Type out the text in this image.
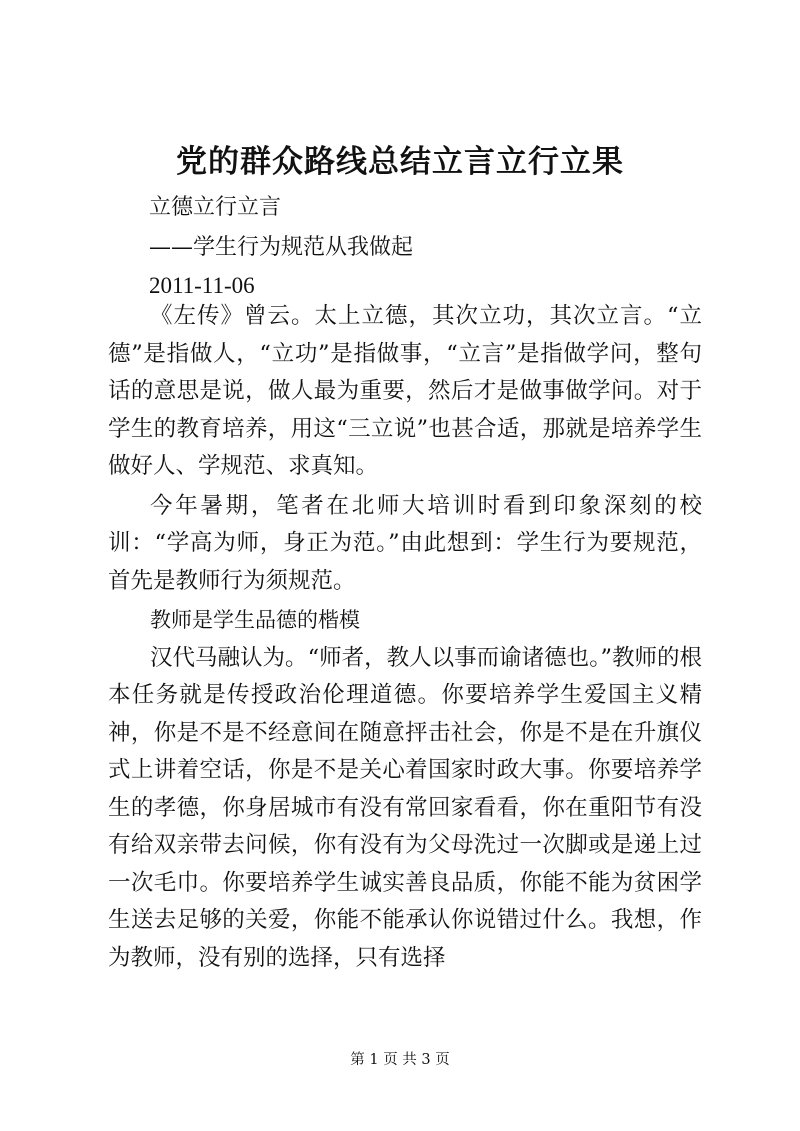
党的群众路线总结立言立行立果

立德立行立言

——学生行为规范从我做起

2011-11-06

《左传》曾云。太上立德，其次立功，其次立言。“立德”是指做人，“立功”是指做事，“立言”是指做学问，整句话的意思是说，做人最为重要，然后才是做事做学问。对于学生的教育培养，用这“三立说”也甚合适，那就是培养学生做好人、学规范、求真知。

今年暑期，笔者在北师大培训时看到印象深刻的校训：“学高为师，身正为范。”由此想到：学生行为要规范，首先是教师行为须规范。

教师是学生品德的楷模

汉代马融认为。“师者，教人以事而谕诸德也。”教师的根本任务就是传授政治伦理道德。你要培养学生爱国主义精神，你是不是不经意间在随意抨击社会，你是不是在升旗仪式上讲着空话，你是不是关心着国家时政大事。你要培养学生的孝德，你身居城市有没有常回家看看，你在重阳节有没有给双亲带去问候，你有没有为父母洗过一次脚或是递上过一次毛巾。你要培养学生诚实善良品质，你能不能为贫困学生送去足够的关爱，你能不能承认你说错过什么。我想，作为教师，没有别的选择，只有选择

第 1 页 共 3 页
